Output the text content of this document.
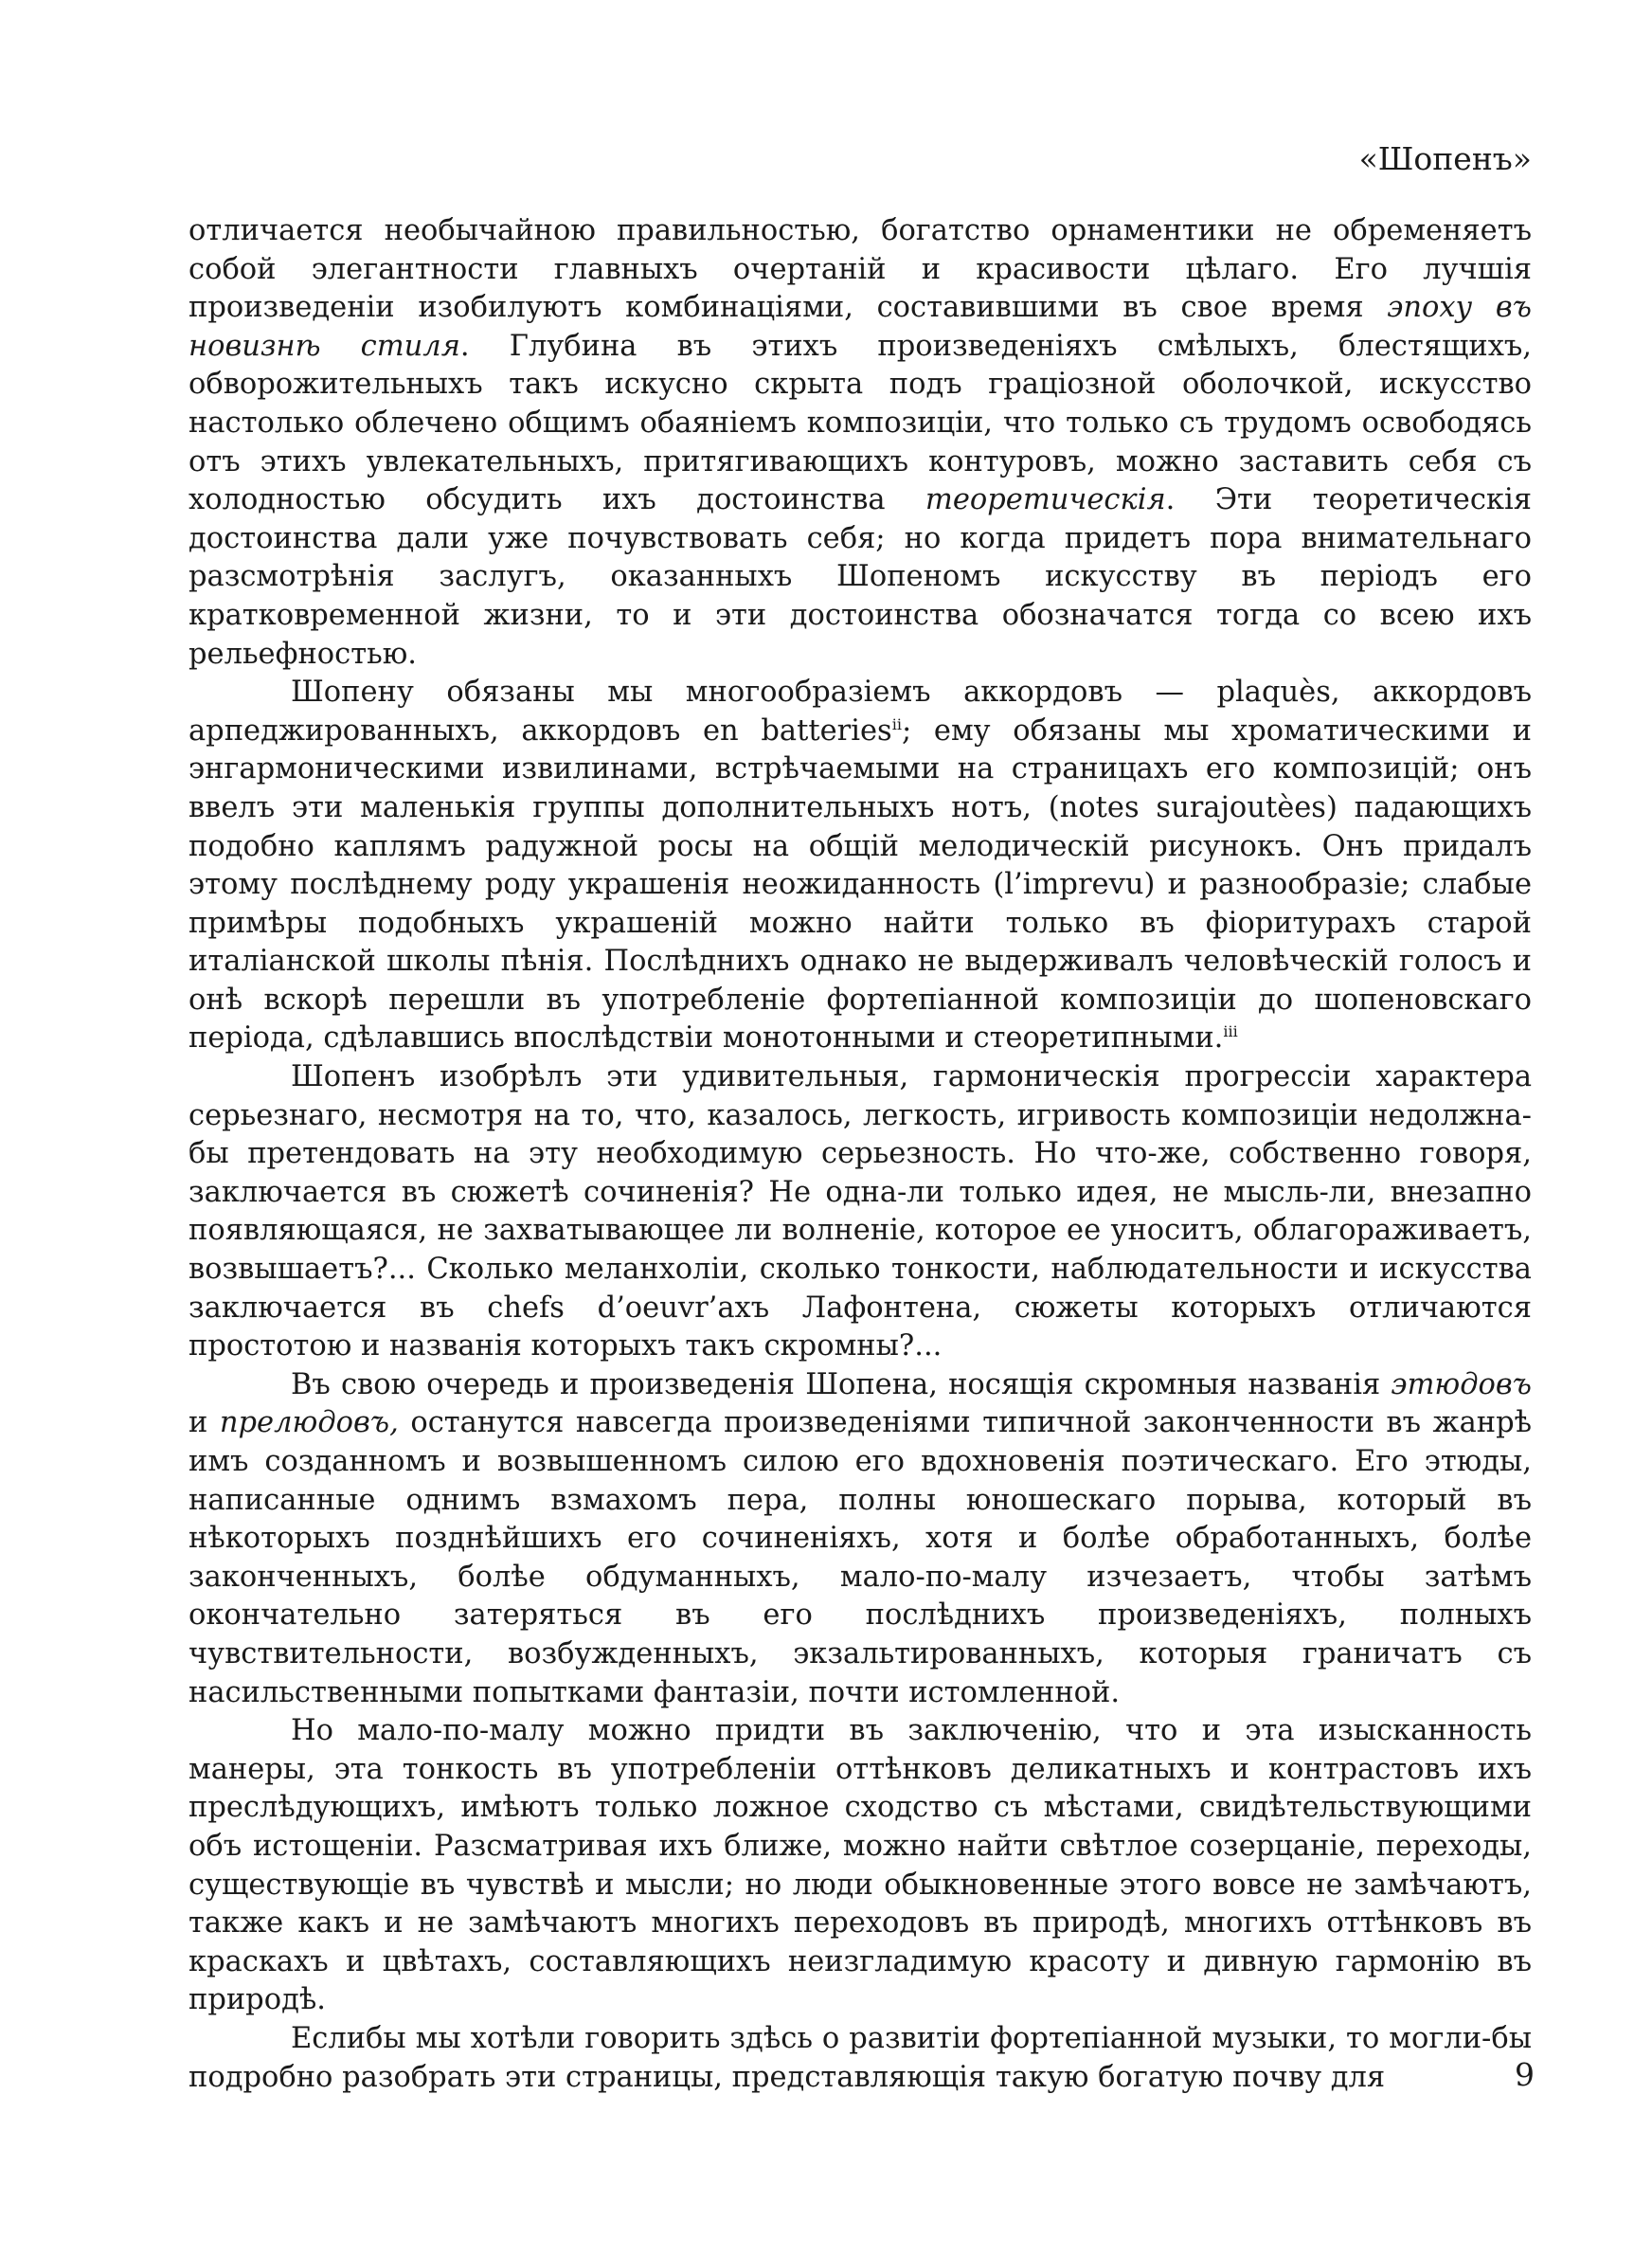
«Шопенъ»

отличается необычайною правильностью, богатство орнаментики не обременяетъ собой элегантности главныхъ очертаній и красивости цѣлаго. Его лучшія произведеніи изобилуютъ комбинаціями, составившими въ свое время эпоху въ новизнѣ стиля. Глубина въ этихъ произведеніяхъ смѣлыхъ, блестящихъ, обворожительныхъ такъ искусно скрыта подъ граціозной оболочкой, искусство настолько облечено общимъ обаяніемъ композиціи, что только съ трудомъ освободясь отъ этихъ увлекательныхъ, притягивающихъ контуровъ, можно заставить себя съ холодностью обсудить ихъ достоинства теоретическія. Эти теоретическія достоинства дали уже почувствовать себя; но когда придетъ пора внимательнаго разсмотрѣнія заслугъ, оказанныхъ Шопеномъ искусству въ періодъ его кратковременной жизни, то и эти достоинства обозначатся тогда со всею ихъ рельефностью.

Шопену обязаны мы многообразіемъ аккордовъ — plaquès, аккордовъ арпеджированныхъ, аккордовъ en batteries$^{ii}$; ему обязаны мы хроматическими и энгармоническими извилинами, встрѣчаемыми на страницахъ его композицій; онъ ввелъ эти маленькія группы дополнительныхъ нотъ, (notes surajoutèes) падающихъ подобно каплямъ радужной росы на общій мелодическій рисунокъ. Онъ придалъ этому послѣднему роду украшенія неожиданность (l’imprevu) и разнообразіе; слабые примѣры подобныхъ украшеній можно найти только въ фіоритурахъ старой италіанской школы пѣнія. Послѣднихъ однако не выдерживалъ человѣческій голосъ и онѣ вскорѣ перешли въ употребленіе фортепіанной композиціи до шопеновскаго періода, сдѣлавшись впослѣдствіи монотонными и стеоретипными.$^{iii}$

Шопенъ изобрѣлъ эти удивительныя, гармоническія прогрессіи характера серьезнаго, несмотря на то, что, казалось, легкость, игривость композиціи недолжна-бы претендовать на эту необходимую серьезность. Но что-же, собственно говоря, заключается въ сюжетѣ сочиненія? Не одна-ли только идея, не мысль-ли, внезапно появляющаяся, не захватывающее ли волненіе, которое ее уноситъ, облагораживаетъ, возвышаетъ?... Сколько меланхоліи, сколько тонкости, наблюдательности и искусства заключается въ chefs d’oeuvr’ахъ Лафонтена, сюжеты которыхъ отличаются простотою и названія которыхъ такъ скромны?...

Въ свою очередь и произведенія Шопена, носящія скромныя названія этюдовъ и прелюдовъ, останутся навсегда произведеніями типичной законченности въ жанрѣ имъ созданномъ и возвышенномъ силою его вдохновенія поэтическаго. Его этюды, написанные однимъ взмахомъ пера, полны юношескаго порыва, который въ нѣкоторыхъ позднѣйшихъ его сочиненіяхъ, хотя и болѣе обработанныхъ, болѣе законченныхъ, болѣе обдуманныхъ, мало-по-малу изчезаетъ, чтобы затѣмъ окончательно затеряться въ его послѣднихъ произведеніяхъ, полныхъ чувствительности, возбужденныхъ, экзальтированныхъ, которыя граничатъ съ насильственными попытками фантазіи, почти истомленной.

Но мало-по-малу можно придти въ заключенію, что и эта изысканность манеры, эта тонкость въ употребленіи оттѣнковъ деликатныхъ и контрастовъ ихъ преслѣдующихъ, имѣютъ только ложное сходство съ мѣстами, свидѣтельствующими объ истощеніи. Разсматривая ихъ ближе, можно найти свѣтлое созерцаніе, переходы, существующіе въ чувствѣ и мысли; но люди обыкновенные этого вовсе не замѣчаютъ, также какъ и не замѣчаютъ многихъ переходовъ въ природѣ, многихъ оттѣнковъ въ краскахъ и цвѣтахъ, составляющихъ неизгладимую красоту и дивную гармонію въ природѣ.

Еслибы мы хотѣли говорить здѣсь о развитіи фортепіанной музыки, то могли-бы подробно разобрать эти страницы, представляющія такую богатую почву для	9
